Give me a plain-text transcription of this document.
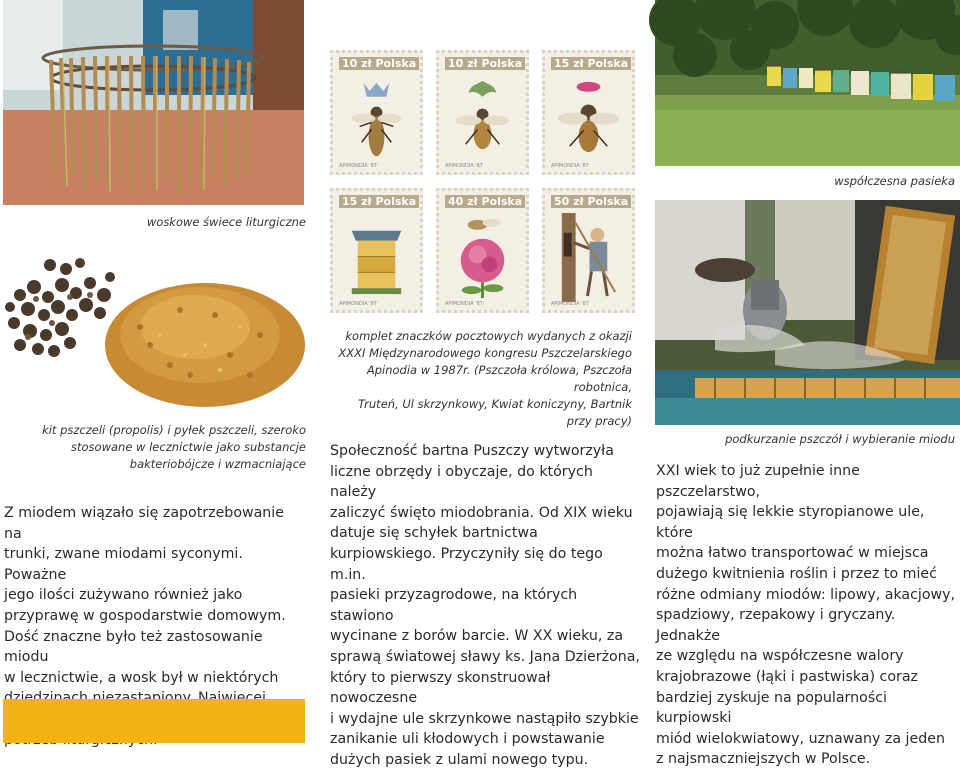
woskowe świece liturgiczne
kit pszczeli (propolis) i pyłek pszczeli, szeroko
stosowane w lecznictwie jako substancje
bakteriobójcze i wzmacniające
10 zł Polska
APIMONDIA '87
10 zł Polska
APIMONDIA '87
15 zł Polska
APIMONDIA '87
15 zł Polska
APIMONDIA '87
40 zł Polska
APIMONDIA '87
50 zł Polska
APIMONDIA '87
komplet znaczków pocztowych wydanych z okazji
XXXI Międzynarodowego kongresu Pszczelarskiego
Apinodia w 1987r. (Pszczoła królowa, Pszczoła robotnica,
Truteń, Ul skrzynkowy, Kwiat koniczyny, Bartnik
przy pracy)
współczesna pasieka
podkurzanie pszczół i wybieranie miodu
Z miodem wiązało się zapotrzebowanie na
trunki, zwane miodami syconymi. Poważne
jego ilości zużywano również jako
przyprawę w gospodarstwie domowym.
Dość znaczne było też zastosowanie miodu
w lecznictwie, a wosk był w niektórych
Społeczność bartna Puszczy wytworzyła
liczne obrzędy i obyczaje, do których należy
zaliczyć święto miodobrania. Od XIX wieku
datuje się schyłek bartnictwa
kurpiowskiego. Przyczyniły się do tego m.in.
pasieki przyzagrodowe, na których stawiono
wycinane z borów barcie. W XX wieku, za
sprawą światowej sławy ks. Jana Dzierżona,
który to pierwszy skonstruował nowoczesne
i wydajne ule skrzynkowe nastąpiło szybkie
zanikanie uli kłodowych i powstawanie
dużych pasiek z ulami nowego typu.
XXI wiek to już zupełnie inne pszczelarstwo,
pojawiają się lekkie styropianowe ule, które
można łatwo transportować w miejsca
dużego kwitnienia roślin i przez to mieć
różne odmiany miodów: lipowy, akacjowy,
spadziowy, rzepakowy i gryczany. Jednakże
ze względu na współczesne walory
krajobrazowe (łąki i pastwiska) coraz
bardziej zyskuje na popularności kurpiowski
miód wielokwiatowy, uznawany za jeden
z najsmaczniejszych w Polsce.
